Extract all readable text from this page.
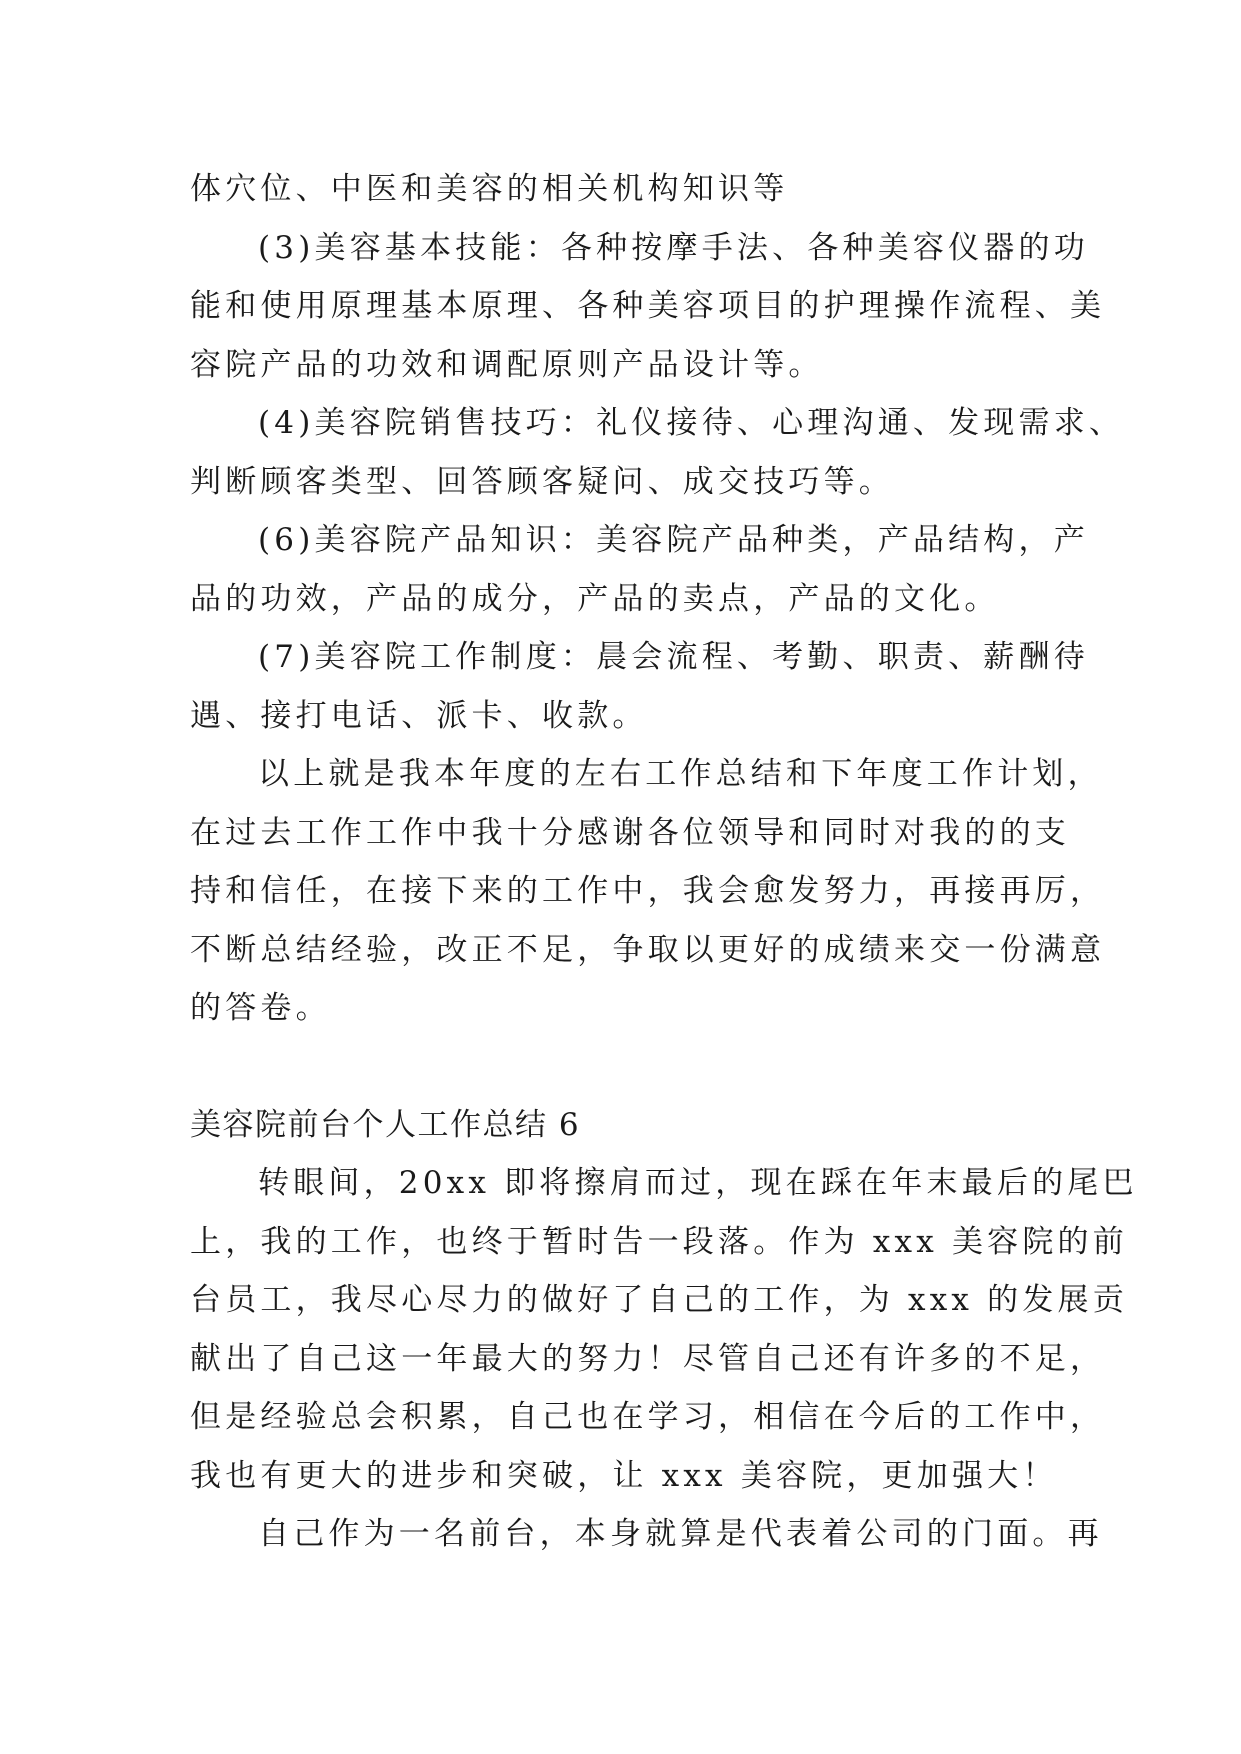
体穴位、中医和美容的相关机构知识等
(3)美容基本技能：各种按摩手法、各种美容仪器的功
能和使用原理基本原理、各种美容项目的护理操作流程、美
容院产品的功效和调配原则产品设计等。
(4)美容院销售技巧：礼仪接待、心理沟通、发现需求、
判断顾客类型、回答顾客疑问、成交技巧等。
(6)美容院产品知识：美容院产品种类，产品结构，产
品的功效，产品的成分，产品的卖点，产品的文化。
(7)美容院工作制度：晨会流程、考勤、职责、薪酬待
遇、接打电话、派卡、收款。
以上就是我本年度的左右工作总结和下年度工作计划，
在过去工作工作中我十分感谢各位领导和同时对我的的支
持和信任，在接下来的工作中，我会愈发努力，再接再厉，
不断总结经验，改正不足，争取以更好的成绩来交一份满意
的答卷。
美容院前台个人工作总结 6
转眼间，20xx 即将擦肩而过，现在踩在年末最后的尾巴
上，我的工作，也终于暂时告一段落。作为 xxx 美容院的前
台员工，我尽心尽力的做好了自己的工作，为 xxx 的发展贡
献出了自己这一年最大的努力！尽管自己还有许多的不足，
但是经验总会积累，自己也在学习，相信在今后的工作中，
我也有更大的进步和突破，让 xxx 美容院，更加强大！
自己作为一名前台，本身就算是代表着公司的门面。再
